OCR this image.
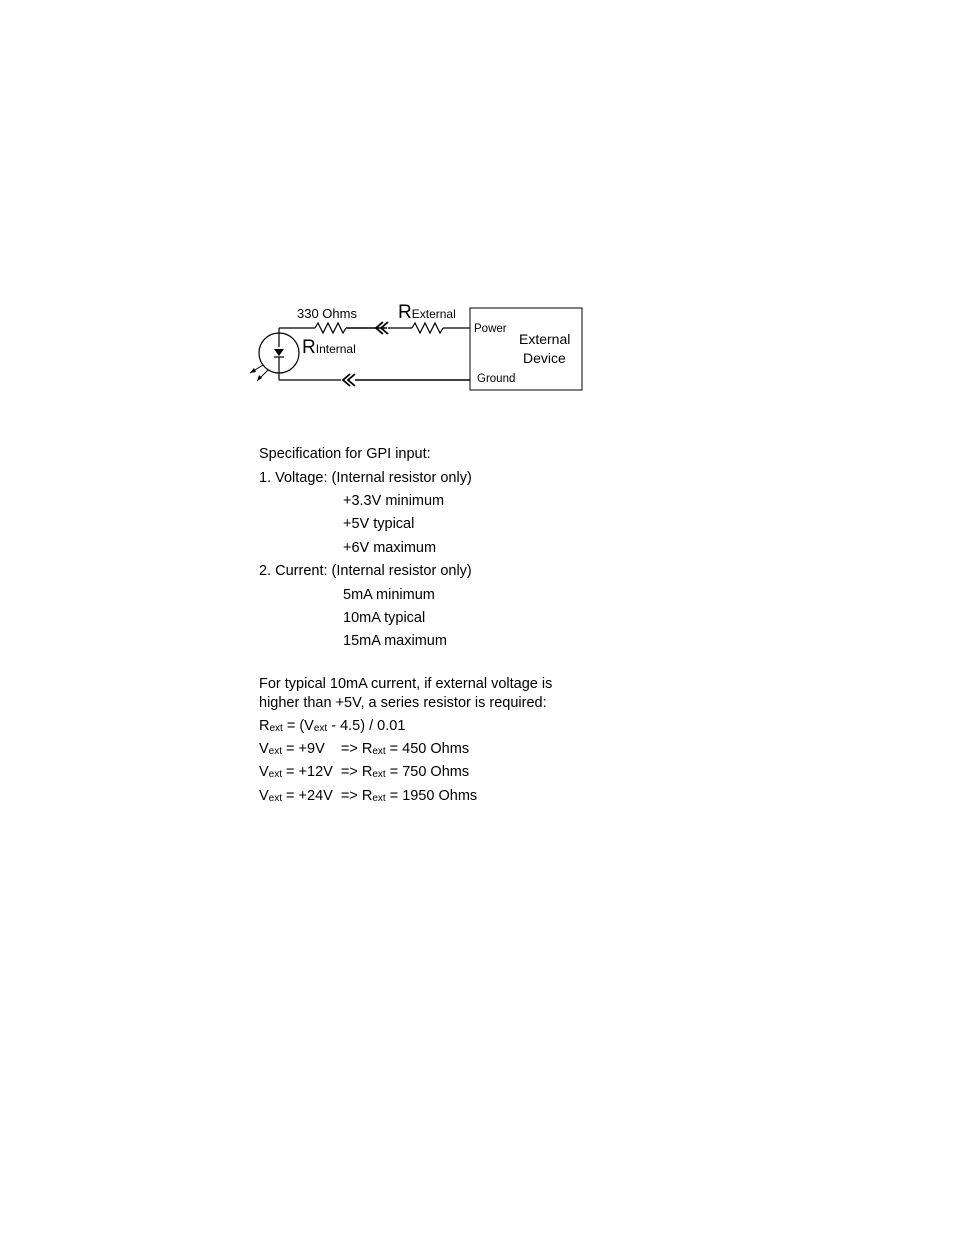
330 Ohms
RInternal
RExternal
Power
Ground
External
Device
Specification for GPI input:
1. Voltage: (Internal resistor only)
+3.3V minimum
+5V typical
+6V maximum
2. Current: (Internal resistor only)
5mA minimum
10mA typical
15mA maximum
For typical 10mA current, if external voltage is
higher than +5V, a series resistor is required:
$R_{ext} = (V_{ext} - 4.5) / 0.01$
$V_{ext} = +9V$    => $R_{ext} = 450$ Ohms
$V_{ext} = +12V => R_{ext} = 750$ Ohms
$V_{ext} = +24V => R_{ext} = 1950$ Ohms
